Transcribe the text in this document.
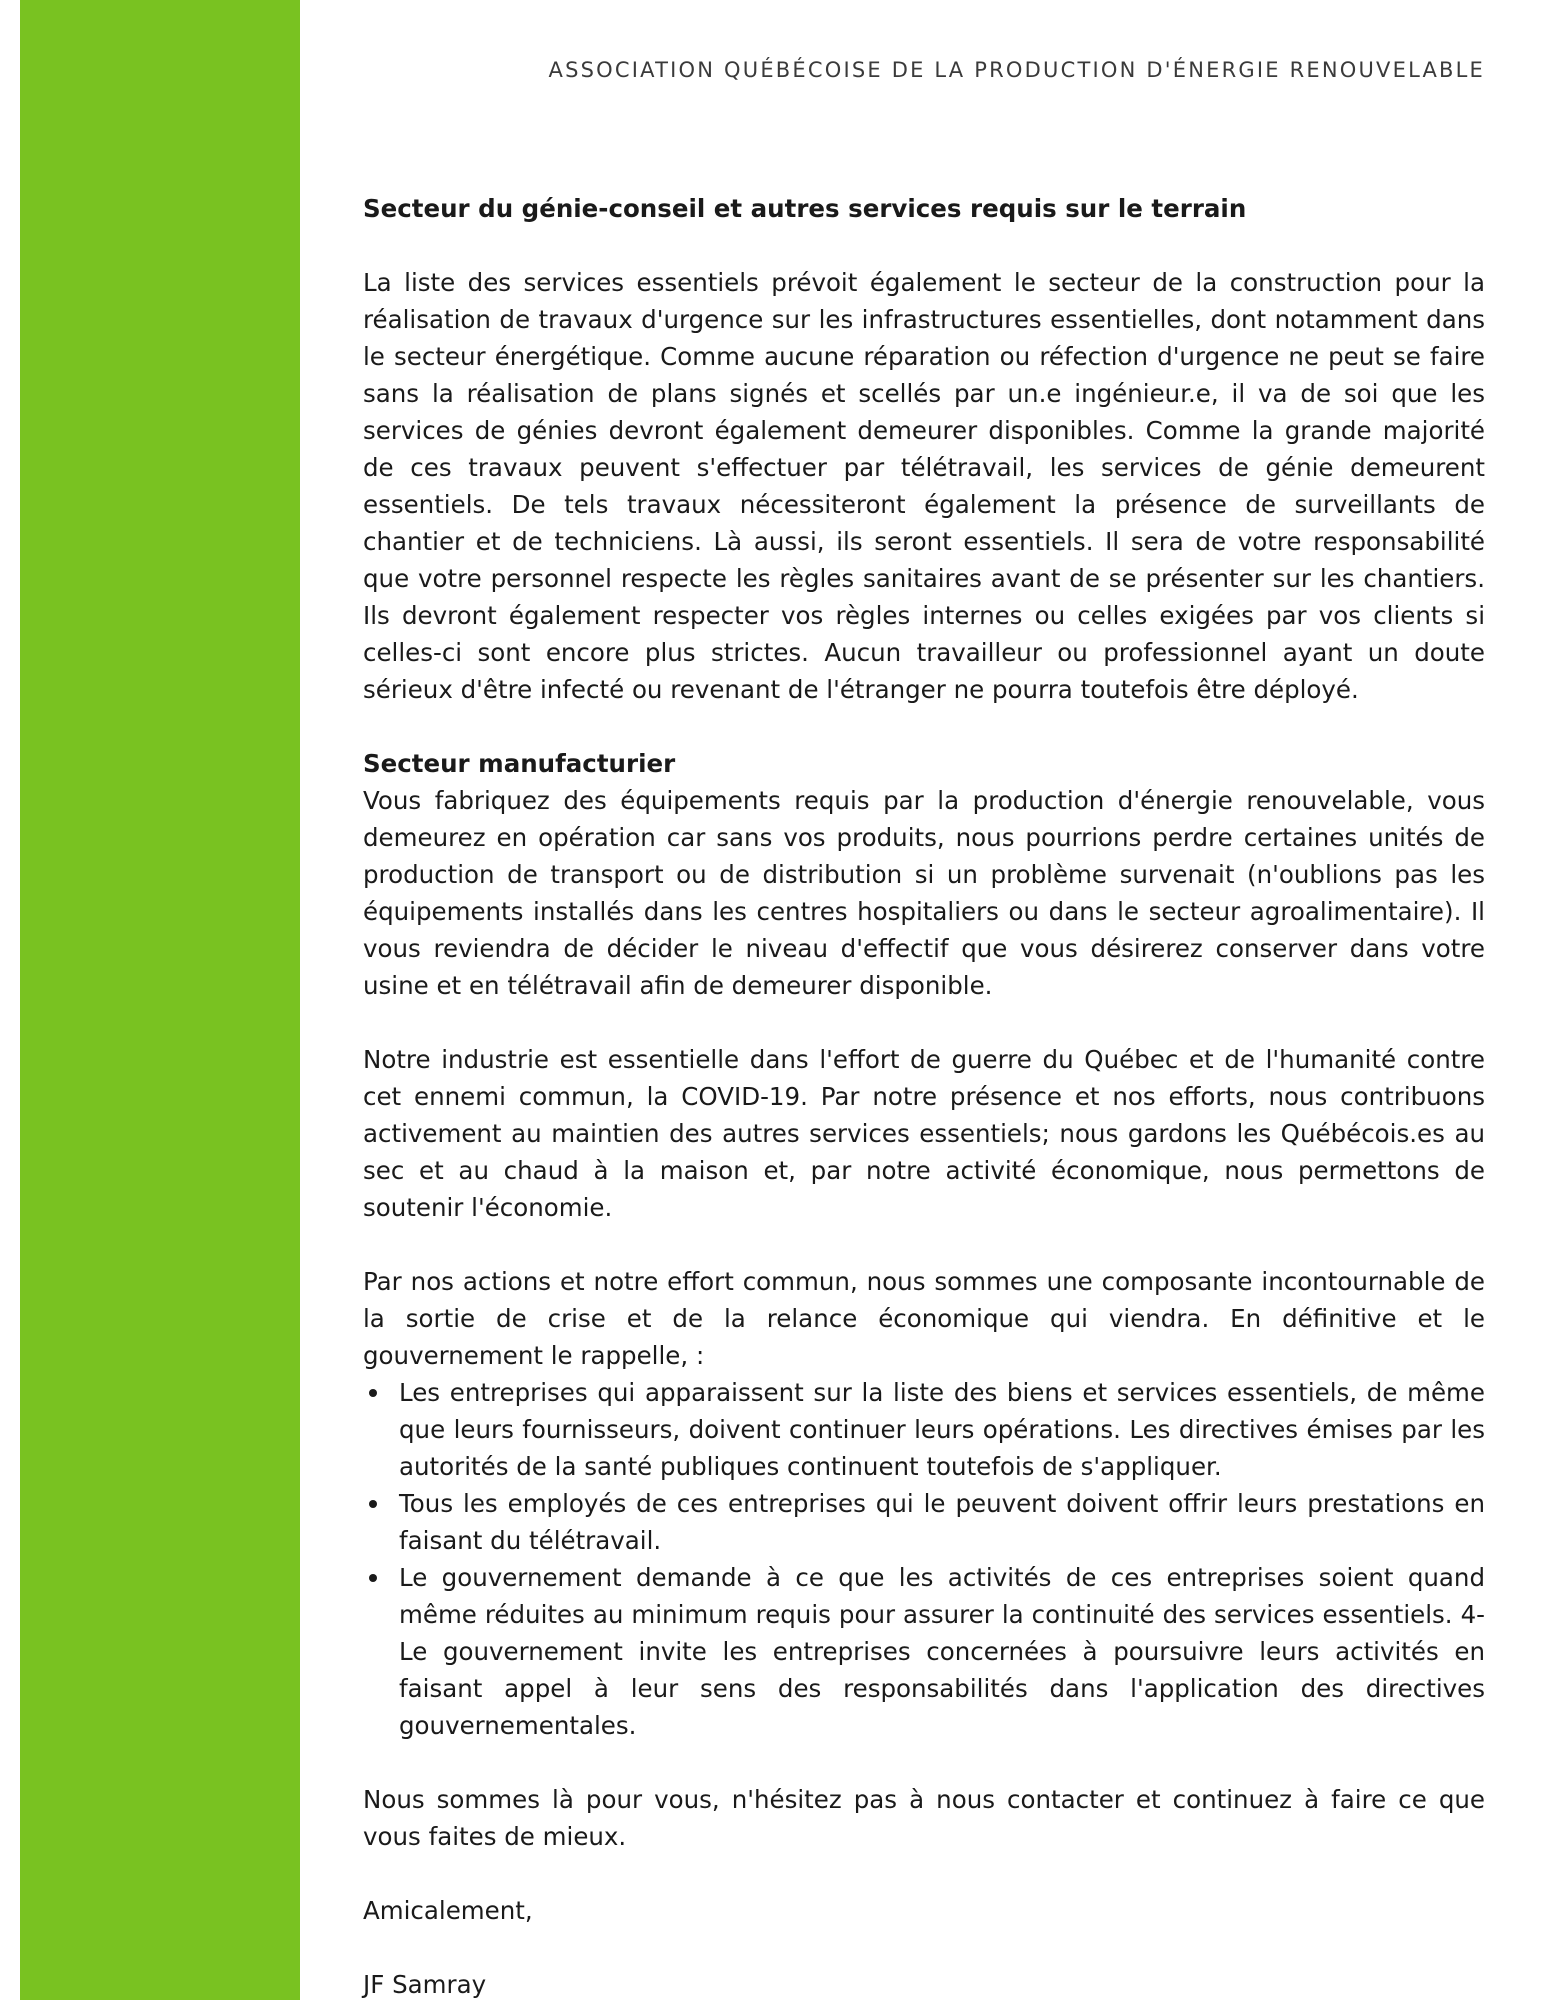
ASSOCIATION QUÉBÉCOISE DE LA PRODUCTION D'ÉNERGIE RENOUVELABLE

Secteur du génie-conseil et autres services requis sur le terrain

La liste des services essentiels prévoit également le secteur de la construction pour la réalisation de travaux d'urgence sur les infrastructures essentielles, dont notamment dans le secteur énergétique. Comme aucune réparation ou réfection d'urgence ne peut se faire sans la réalisation de plans signés et scellés par un.e ingénieur.e, il va de soi que les services de génies devront également demeurer disponibles. Comme la grande majorité de ces travaux peuvent s'effectuer par télétravail, les services de génie demeurent essentiels. De tels travaux nécessiteront également la présence de surveillants de chantier et de techniciens. Là aussi, ils seront essentiels. Il sera de votre responsabilité que votre personnel respecte les règles sanitaires avant de se présenter sur les chantiers. Ils devront également respecter vos règles internes ou celles exigées par vos clients si celles-ci sont encore plus strictes. Aucun travailleur ou professionnel ayant un doute sérieux d'être infecté ou revenant de l'étranger ne pourra toutefois être déployé.

Secteur manufacturier

Vous fabriquez des équipements requis par la production d'énergie renouvelable, vous demeurez en opération car sans vos produits, nous pourrions perdre certaines unités de production de transport ou de distribution si un problème survenait (n'oublions pas les équipements installés dans les centres hospitaliers ou dans le secteur agroalimentaire). Il vous reviendra de décider le niveau d'effectif que vous désirerez conserver dans votre usine et en télétravail afin de demeurer disponible.

Notre industrie est essentielle dans l'effort de guerre du Québec et de l'humanité contre cet ennemi commun, la COVID-19. Par notre présence et nos efforts, nous contribuons activement au maintien des autres services essentiels; nous gardons les Québécois.es au sec et au chaud à la maison et, par notre activité économique, nous permettons de soutenir l'économie.

Par nos actions et notre effort commun, nous sommes une composante incontournable de la sortie de crise et de la relance économique qui viendra. En définitive et le gouvernement le rappelle, :

Les entreprises qui apparaissent sur la liste des biens et services essentiels, de même que leurs fournisseurs, doivent continuer leurs opérations. Les directives émises par les autorités de la santé publiques continuent toutefois de s'appliquer.
Tous les employés de ces entreprises qui le peuvent doivent offrir leurs prestations en faisant du télétravail.
Le gouvernement demande à ce que les activités de ces entreprises soient quand même réduites au minimum requis pour assurer la continuité des services essentiels. 4- Le gouvernement invite les entreprises concernées à poursuivre leurs activités en faisant appel à leur sens des responsabilités dans l'application des directives gouvernementales.

Nous sommes là pour vous, n'hésitez pas à nous contacter et continuez à faire ce que vous faites de mieux.

Amicalement,

JF Samray
